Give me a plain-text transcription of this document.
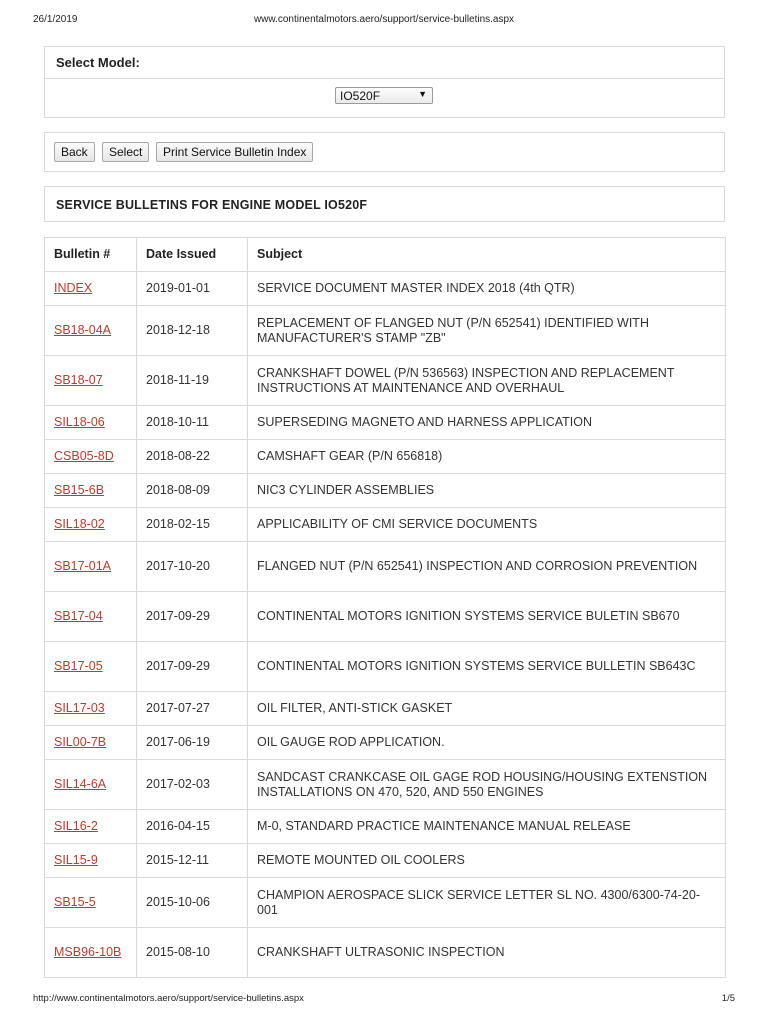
26/1/2019	www.continentalmotors.aero/support/service-bulletins.aspx
Select Model:
IO520F	▼
Back	Select	Print Service Bulletin Index
SERVICE BULLETINS FOR ENGINE MODEL IO520F
Bulletin #	Date Issued	Subject
INDEX	2019-01-01	SERVICE DOCUMENT MASTER INDEX 2018 (4th QTR)
SB18-04A	2018-12-18	REPLACEMENT OF FLANGED NUT (P/N 652541) IDENTIFIED WITH MANUFACTURER'S STAMP "ZB"
SB18-07	2018-11-19	CRANKSHAFT DOWEL (P/N 536563) INSPECTION AND REPLACEMENT INSTRUCTIONS AT MAINTENANCE AND OVERHAUL
SIL18-06	2018-10-11	SUPERSEDING MAGNETO AND HARNESS APPLICATION
CSB05-8D	2018-08-22	CAMSHAFT GEAR (P/N 656818)
SB15-6B	2018-08-09	NIC3 CYLINDER ASSEMBLIES
SIL18-02	2018-02-15	APPLICABILITY OF CMI SERVICE DOCUMENTS
SB17-01A	2017-10-20	FLANGED NUT (P/N 652541) INSPECTION AND CORROSION PREVENTION
SB17-04	2017-09-29	CONTINENTAL MOTORS IGNITION SYSTEMS SERVICE BULETIN SB670
SB17-05	2017-09-29	CONTINENTAL MOTORS IGNITION SYSTEMS SERVICE BULLETIN SB643C
SIL17-03	2017-07-27	OIL FILTER, ANTI-STICK GASKET
SIL00-7B	2017-06-19	OIL GAUGE ROD APPLICATION.
SIL14-6A	2017-02-03	SANDCAST CRANKCASE OIL GAGE ROD HOUSING/HOUSING EXTENSTION INSTALLATIONS ON 470, 520, AND 550 ENGINES
SIL16-2	2016-04-15	M-0, STANDARD PRACTICE MAINTENANCE MANUAL RELEASE
SIL15-9	2015-12-11	REMOTE MOUNTED OIL COOLERS
SB15-5	2015-10-06	CHAMPION AEROSPACE SLICK SERVICE LETTER SL NO. 4300/6300-74-20-001
MSB96-10B	2015-08-10	CRANKSHAFT ULTRASONIC INSPECTION
http://www.continentalmotors.aero/support/service-bulletins.aspx	1/5
